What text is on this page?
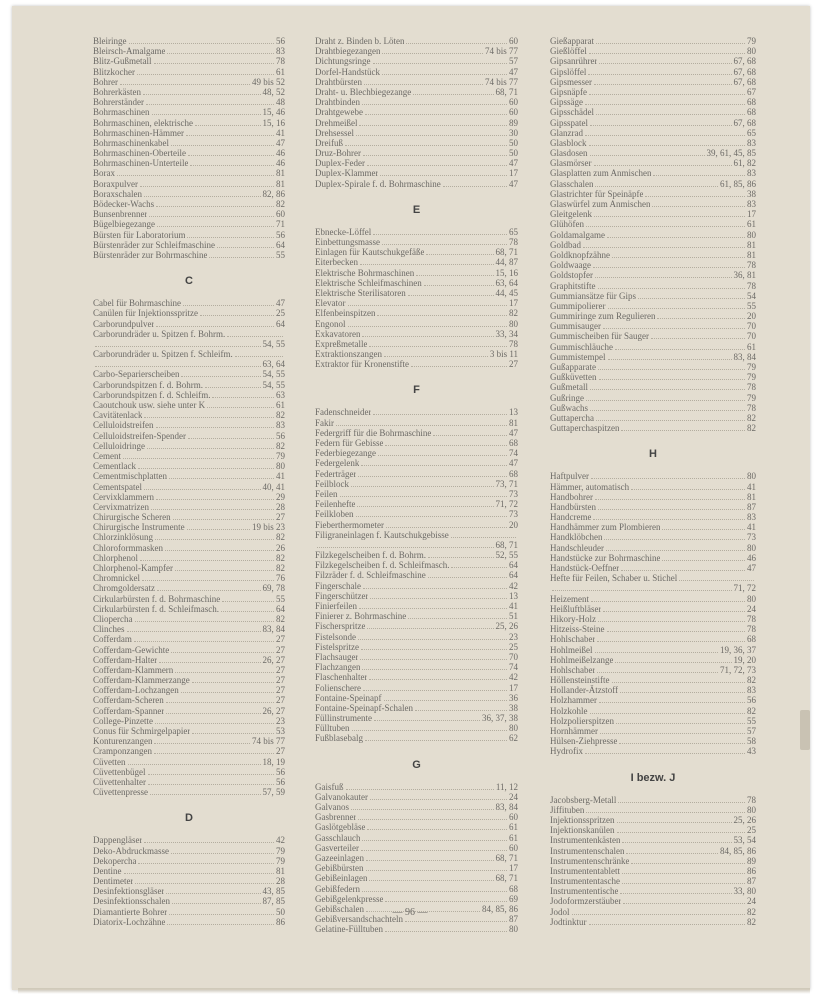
Bleiringe	56
Bleirsch-Amalgame	83
Blitz-Gußmetall	78
Blitzkocher	61
Bohrer	49 bis 52
Bohrerkästen	48, 52
Bohrerständer	48
Bohrmaschinen	15, 46
Bohrmaschinen, elektrische	15, 16
Bohrmaschinen-Hämmer	41
Bohrmaschinenkabel	47
Bohrmaschinen-Oberteile	46
Bohrmaschinen-Unterteile	46
Borax	81
Boraxpulver	81
Boraxschalen	82, 86
Bödecker-Wachs	82
Bunsenbrenner	60
Bügelbiegezange	71
Bürsten für Laboratorium	56
Bürstenräder zur Schleifmaschine	64
Bürstenräder zur Bohrmaschine	55
C
Cabel für Bohrmaschine	47
Canülen für Injektionsspritze	25
Carborundpulver	64
Carborundräder u. Spitzen f. Bohrm.
54, 55
Carborundräder u. Spitzen f. Schleifm.
63, 64
Carbo-Separierscheiben	54, 55
Carborundspitzen f. d. Bohrm.	54, 55
Carborundspitzen f. d. Schleifm.	63
Caoutchouk usw. siehe unter K	61
Cavitätenlack	82
Celluloidstreifen	83
Celluloidstreifen-Spender	56
Celluloidringe	82
Cement	79
Cementlack	80
Cementmischplatten	41
Cementspatel	40, 41
Cervixklammern	29
Cervixmatrizen	28
Chirurgische Scheren	27
Chirurgische Instrumente	19 bis 23
Chlorzinklösung	82
Chloroformmasken	26
Chlorphenol	82
Chlorphenol-Kampfer	82
Chromnickel	76
Chromgoldersatz	69, 78
Cirkularbürsten f. d. Bohrmaschine	55
Cirkularbürsten f. d. Schleifmasch.	64
Cliopercha	82
Clinches	83, 84
Cofferdam	27
Cofferdam-Gewichte	27
Cofferdam-Halter	26, 27
Cofferdam-Klammern	27
Cofferdam-Klammerzange	27
Cofferdam-Lochzangen	27
Cofferdam-Scheren	27
Cofferdam-Spanner	26, 27
College-Pinzette	23
Conus für Schmirgelpapier	53
Konturenzangen	74 bis 77
Cramponzangen	27
Cüvetten	18, 19
Cüvettenbügel	56
Cüvettenhalter	56
Cüvettenpresse	57, 59
D
Dappengläser	42
Deko-Abdruckmasse	79
Dekopercha	79
Dentine	81
Dentimeter	28
Desinfektionsgläser	43, 85
Desinfektionsschalen	87, 85
Diamantierte Bohrer	50
Diatorix-Lochzähne	86
Draht z. Binden b. Löten	60
Drahtbiegezangen	74 bis 77
Dichtungsringe	57
Dorfel-Handstück	47
Drahtbürsten	74 bis 77
Draht- u. Blechbiegezange	68, 71
Drahtbinden	60
Drahtgewebe	60
Drehmeißel	89
Drehsessel	30
Dreifuß	50
Druz-Bohrer	50
Duplex-Feder	47
Duplex-Klammer	17
Duplex-Spirale f. d. Bohrmaschine	47
E
Ebnecke-Löffel	65
Einbettungsmasse	78
Einlagen für Kautschukgefäße	68, 71
Eiterbecken	44, 87
Elektrische Bohrmaschinen	15, 16
Elektrische Schleifmaschinen	63, 64
Elektrische Sterilisatoren	44, 45
Elevator	17
Elfenbeinspitzen	82
Engonol	80
Exkavatoren	33, 34
Expreßmetalle	78
Extraktionszangen	3 bis 11
Extraktor für Kronenstifte	27
F
Fadenschneider	13
Fakir	81
Federgriff für die Bohrmaschine	47
Federn für Gebisse	68
Federbiegezange	74
Federgelenk	47
Federträger	68
Feilblock	73, 71
Feilen	73
Feilenhefte	71, 72
Feilkloben	73
Fieberthermometer	20
Filigraneinlagen f. Kautschukgebisse
68, 71
Filzkegelscheiben f. d. Bohrm.	52, 55
Filzkegelscheiben f. d. Schleifmasch.	64
Filzräder f. d. Schleifmaschine	64
Fingerschale	42
Fingerschützer	13
Finierfeilen	41
Finierer z. Bohrmaschine	51
Fischerspritze	25, 26
Fistelsonde	23
Fistelspritze	25
Flachsauger	70
Flachzangen	74
Flaschenhalter	42
Folienschere	17
Fontaine-Speinapf	36
Fontaine-Speinapf-Schalen	38
Füllinstrumente	36, 37, 38
Fülltuben	80
Fußblasebalg	62
G
Gaisfuß	11, 12
Galvanokauter	24
Galvanos	83, 84
Gasbrenner	60
Gaslötgebläse	61
Gasschlauch	61
Gasverteiler	60
Gazeeinlagen	68, 71
Gebißbürsten	17
Gebißeinlagen	68, 71
Gebißfedern	68
Gebißgelenkpresse	69
Gebißschalen	84, 85, 86
Gebißversandschachteln	87
Gelatine-Fülltuben	80
Gießapparat	79
Gießlöffel	80
Gipsanrührer	67, 68
Gipslöffel	67, 68
Gipsmesser	67, 68
Gipsnäpfe	67
Gipssäge	68
Gipsschädel	68
Gipsspatel	67, 68
Glanzrad	65
Glasblock	83
Glasdosen	39, 61, 45, 85
Glasmörser	61, 82
Glasplatten zum Anmischen	83
Glasschalen	61, 85, 86
Glastrichter für Speinäpfe	38
Glaswürfel zum Anmischen	83
Gleitgelenk	17
Glühöfen	61
Goldamalgame	80
Goldbad	81
Goldknopfzähne	81
Goldwaage	78
Goldstopfer	36, 81
Graphitstifte	78
Gummiansätze für Gips	54
Gummipolierer	55
Gummiringe zum Regulieren	20
Gummisauger	70
Gummischeiben für Sauger	70
Gummischläuche	61
Gummistempel	83, 84
Gußapparate	79
Gußküvetten	79
Gußmetall	78
Gußringe	79
Gußwachs	78
Guttapercha	82
Guttaperchaspitzen	82
H
Haftpulver	80
Hämmer, automatisch	41
Handbohrer	81
Handbürsten	87
Handcreme	83
Handhämmer zum Plombieren	41
Handklöbchen	73
Handschleuder	80
Handstücke zur Bohrmaschine	46
Handstück-Oeffner	47
Hefte für Feilen, Schaber u. Stichel
71, 72
Heizement	80
Heißluftbläser	24
Hikory-Holz	78
Hitzeiss-Steine	78
Hohlschaber	68
Hohlmeißel	19, 36, 37
Hohlmeißelzange	19, 20
Hohlschaber	71, 72, 73
Höllensteinstifte	82
Hollander-Ätzstoff	83
Holzhammer	56
Holzkohle	82
Holzpolierspitzen	55
Hornhämmer	57
Hülsen-Ziehpresse	58
Hydrofix	43
I bezw. J
Jacobsberg-Metall	78
Jiffituben	80
Injektionsspritzen	25, 26
Injektionskanülen	25
Instrumentenkästen	53, 54
Instrumentenschalen	84, 85, 86
Instrumentenschränke	89
Instrumententablett	86
Instrumententasche	87
Instrumententische	33, 80
Jodoformzerstäuber	24
Jodol	82
Jodtinktur	82
— 96 —
